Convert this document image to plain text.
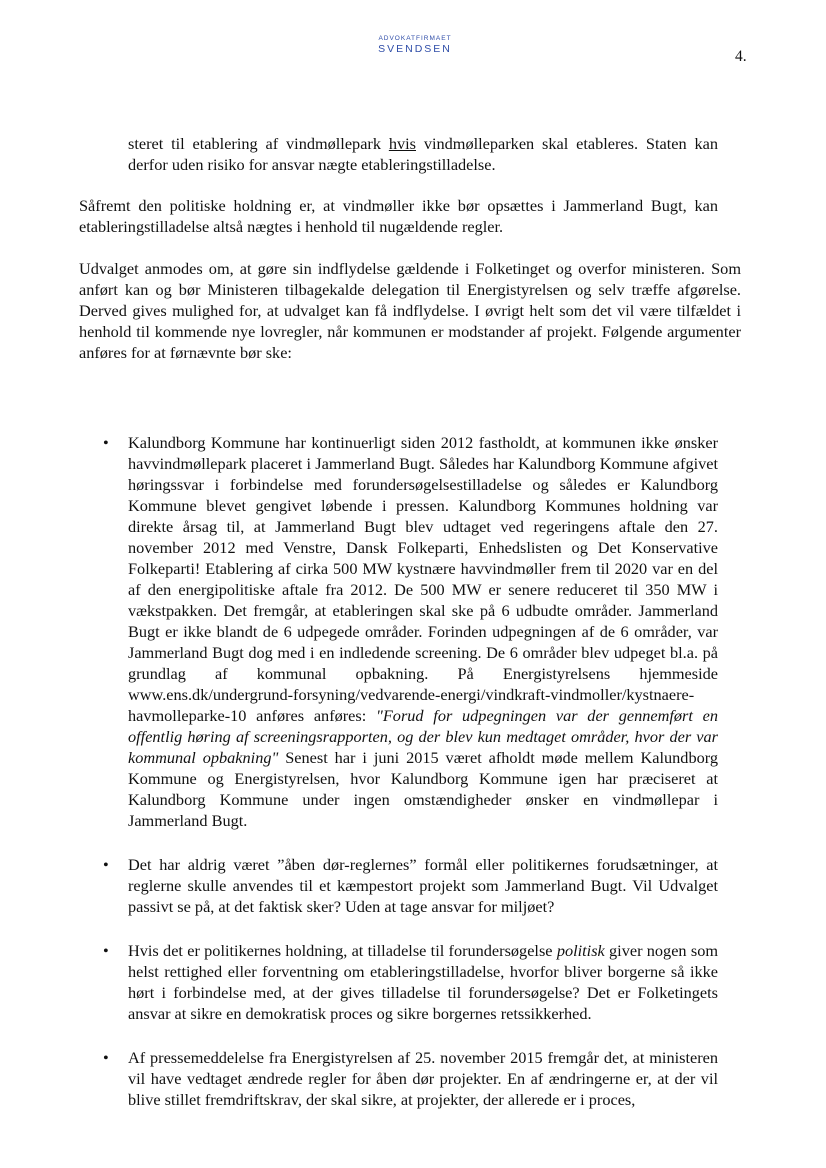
ADVOKATFIRMAET
SVENDSEN	4.

steret til etablering af vindmøllepark hvis vindmølleparken skal etableres. Staten kan derfor uden risiko for ansvar nægte etableringstilladelse.

Såfremt den politiske holdning er, at vindmøller ikke bør opsættes i Jammerland Bugt, kan etableringstilladelse altså nægtes i henhold til nugældende regler.

Udvalget anmodes om, at gøre sin indflydelse gældende i Folketinget og overfor ministeren. Som anført kan og bør Ministeren tilbagekalde delegation til Energistyrelsen og selv træffe afgørelse. Derved gives mulighed for, at udvalget kan få indflydelse. I øvrigt helt som det vil være tilfældet i henhold til kommende nye lovregler, når kommunen er modstander af projekt. Følgende argumenter anføres for at førnævnte bør ske:

• Kalundborg Kommune har kontinuerligt siden 2012 fastholdt, at kommunen ikke ønsker havvindmøllepark placeret i Jammerland Bugt. Således har Kalundborg Kommune afgivet høringssvar i forbindelse med forundersøgelsestilladelse og således er Kalundborg Kommune blevet gengivet løbende i pressen. Kalundborg Kommunes holdning var direkte årsag til, at Jammerland Bugt blev udtaget ved regeringens aftale den 27. november 2012 med Venstre, Dansk Folkeparti, Enhedslisten og Det Konservative Folkeparti! Etablering af cirka 500 MW kystnære havvindmøller frem til 2020 var en del af den energipolitiske aftale fra 2012. De 500 MW er senere reduceret til 350 MW i vækstpakken. Det fremgår, at etableringen skal ske på 6 udbudte områder. Jammerland Bugt er ikke blandt de 6 udpegede områder. Forinden udpegningen af de 6 områder, var Jammerland Bugt dog med i en indledende screening. De 6 områder blev udpeget bl.a. på grundlag af kommunal opbakning. På Energistyrelsens hjemmeside www.ens.dk/undergrund-forsyning/vedvarende-energi/vindkraft-vindmoller/kystnaere-havmolleparke-10 anføres anføres: "Forud for udpegningen var der gennemført en offentlig høring af screeningsrapporten, og der blev kun medtaget områder, hvor der var kommunal opbakning" Senest har i juni 2015 været afholdt møde mellem Kalundborg Kommune og Energistyrelsen, hvor Kalundborg Kommune igen har præciseret at Kalundborg Kommune under ingen omstændigheder ønsker en vindmøllepar i Jammerland Bugt.
• Det har aldrig været ”åben dør-reglernes” formål eller politikernes forudsætninger, at reglerne skulle anvendes til et kæmpestort projekt som Jammerland Bugt. Vil Udvalget passivt se på, at det faktisk sker? Uden at tage ansvar for miljøet?
• Hvis det er politikernes holdning, at tilladelse til forundersøgelse politisk giver nogen som helst rettighed eller forventning om etableringstilladelse, hvorfor bliver borgerne så ikke hørt i forbindelse med, at der gives tilladelse til forundersøgelse? Det er Folketingets ansvar at sikre en demokratisk proces og sikre borgernes retssikkerhed.
• Af pressemeddelelse fra Energistyrelsen af 25. november 2015 fremgår det, at ministeren vil have vedtaget ændrede regler for åben dør projekter. En af ændringerne er, at der vil blive stillet fremdriftskrav, der skal sikre, at projekter, der allerede er i proces,
